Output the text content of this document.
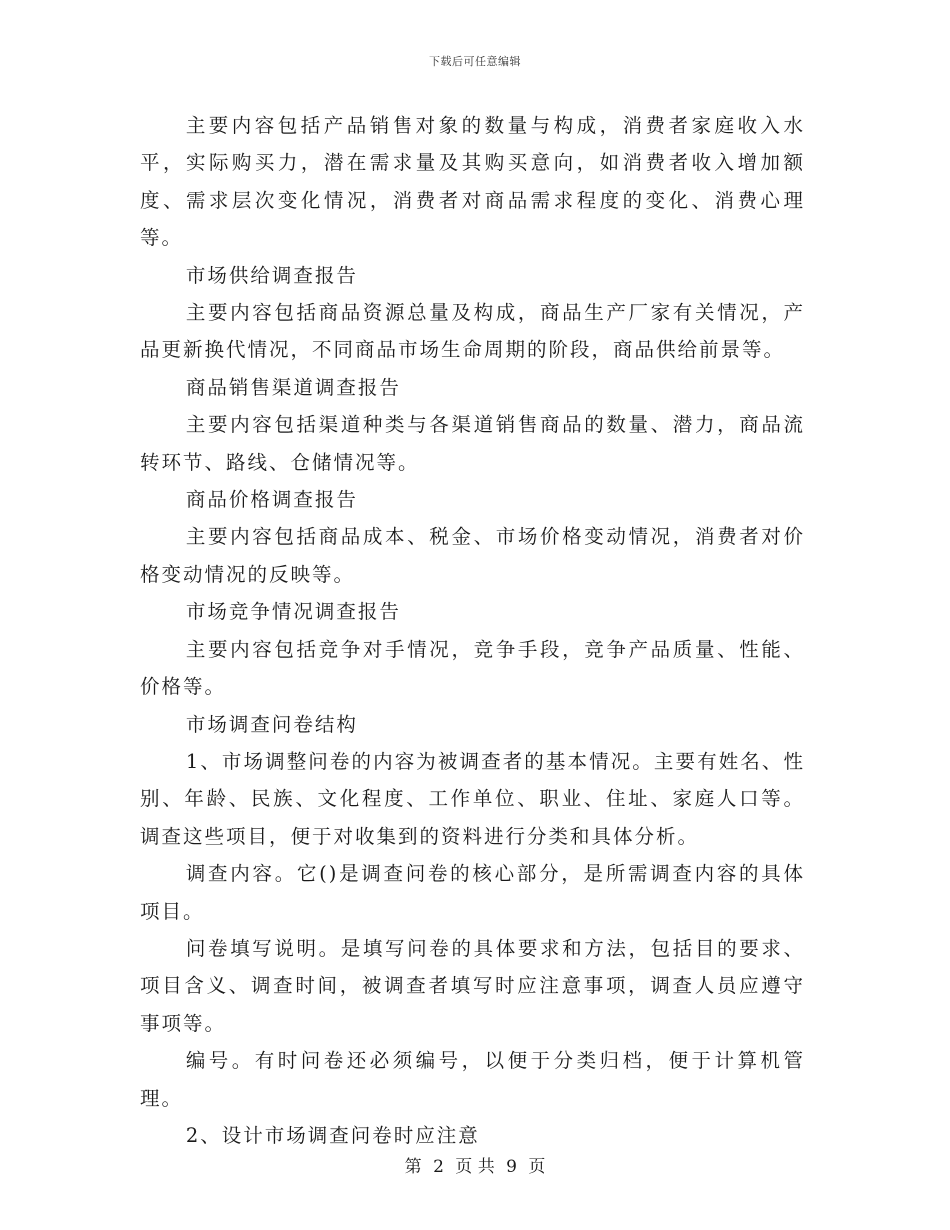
下载后可任意编辑

主要内容包括产品销售对象的数量与构成，消费者家庭收入水平，实际购买力，潜在需求量及其购买意向，如消费者收入增加额度、需求层次变化情况，消费者对商品需求程度的变化、消费心理等。

市场供给调查报告

主要内容包括商品资源总量及构成，商品生产厂家有关情况，产品更新换代情况，不同商品市场生命周期的阶段，商品供给前景等。

商品销售渠道调查报告

主要内容包括渠道种类与各渠道销售商品的数量、潜力，商品流转环节、路线、仓储情况等。

商品价格调查报告

主要内容包括商品成本、税金、市场价格变动情况，消费者对价格变动情况的反映等。

市场竞争情况调查报告

主要内容包括竞争对手情况，竞争手段，竞争产品质量、性能、价格等。

市场调查问卷结构

1、市场调整问卷的内容为被调查者的基本情况。主要有姓名、性别、年龄、民族、文化程度、工作单位、职业、住址、家庭人口等。调查这些项目，便于对收集到的资料进行分类和具体分析。

调查内容。它()是调查问卷的核心部分，是所需调查内容的具体项目。

问卷填写说明。是填写问卷的具体要求和方法，包括目的要求、项目含义、调查时间，被调查者填写时应注意事项，调查人员应遵守事项等。

编号。有时问卷还必须编号，以便于分类归档，便于计算机管理。

2、设计市场调查问卷时应注意

第 2 页 共 9 页
